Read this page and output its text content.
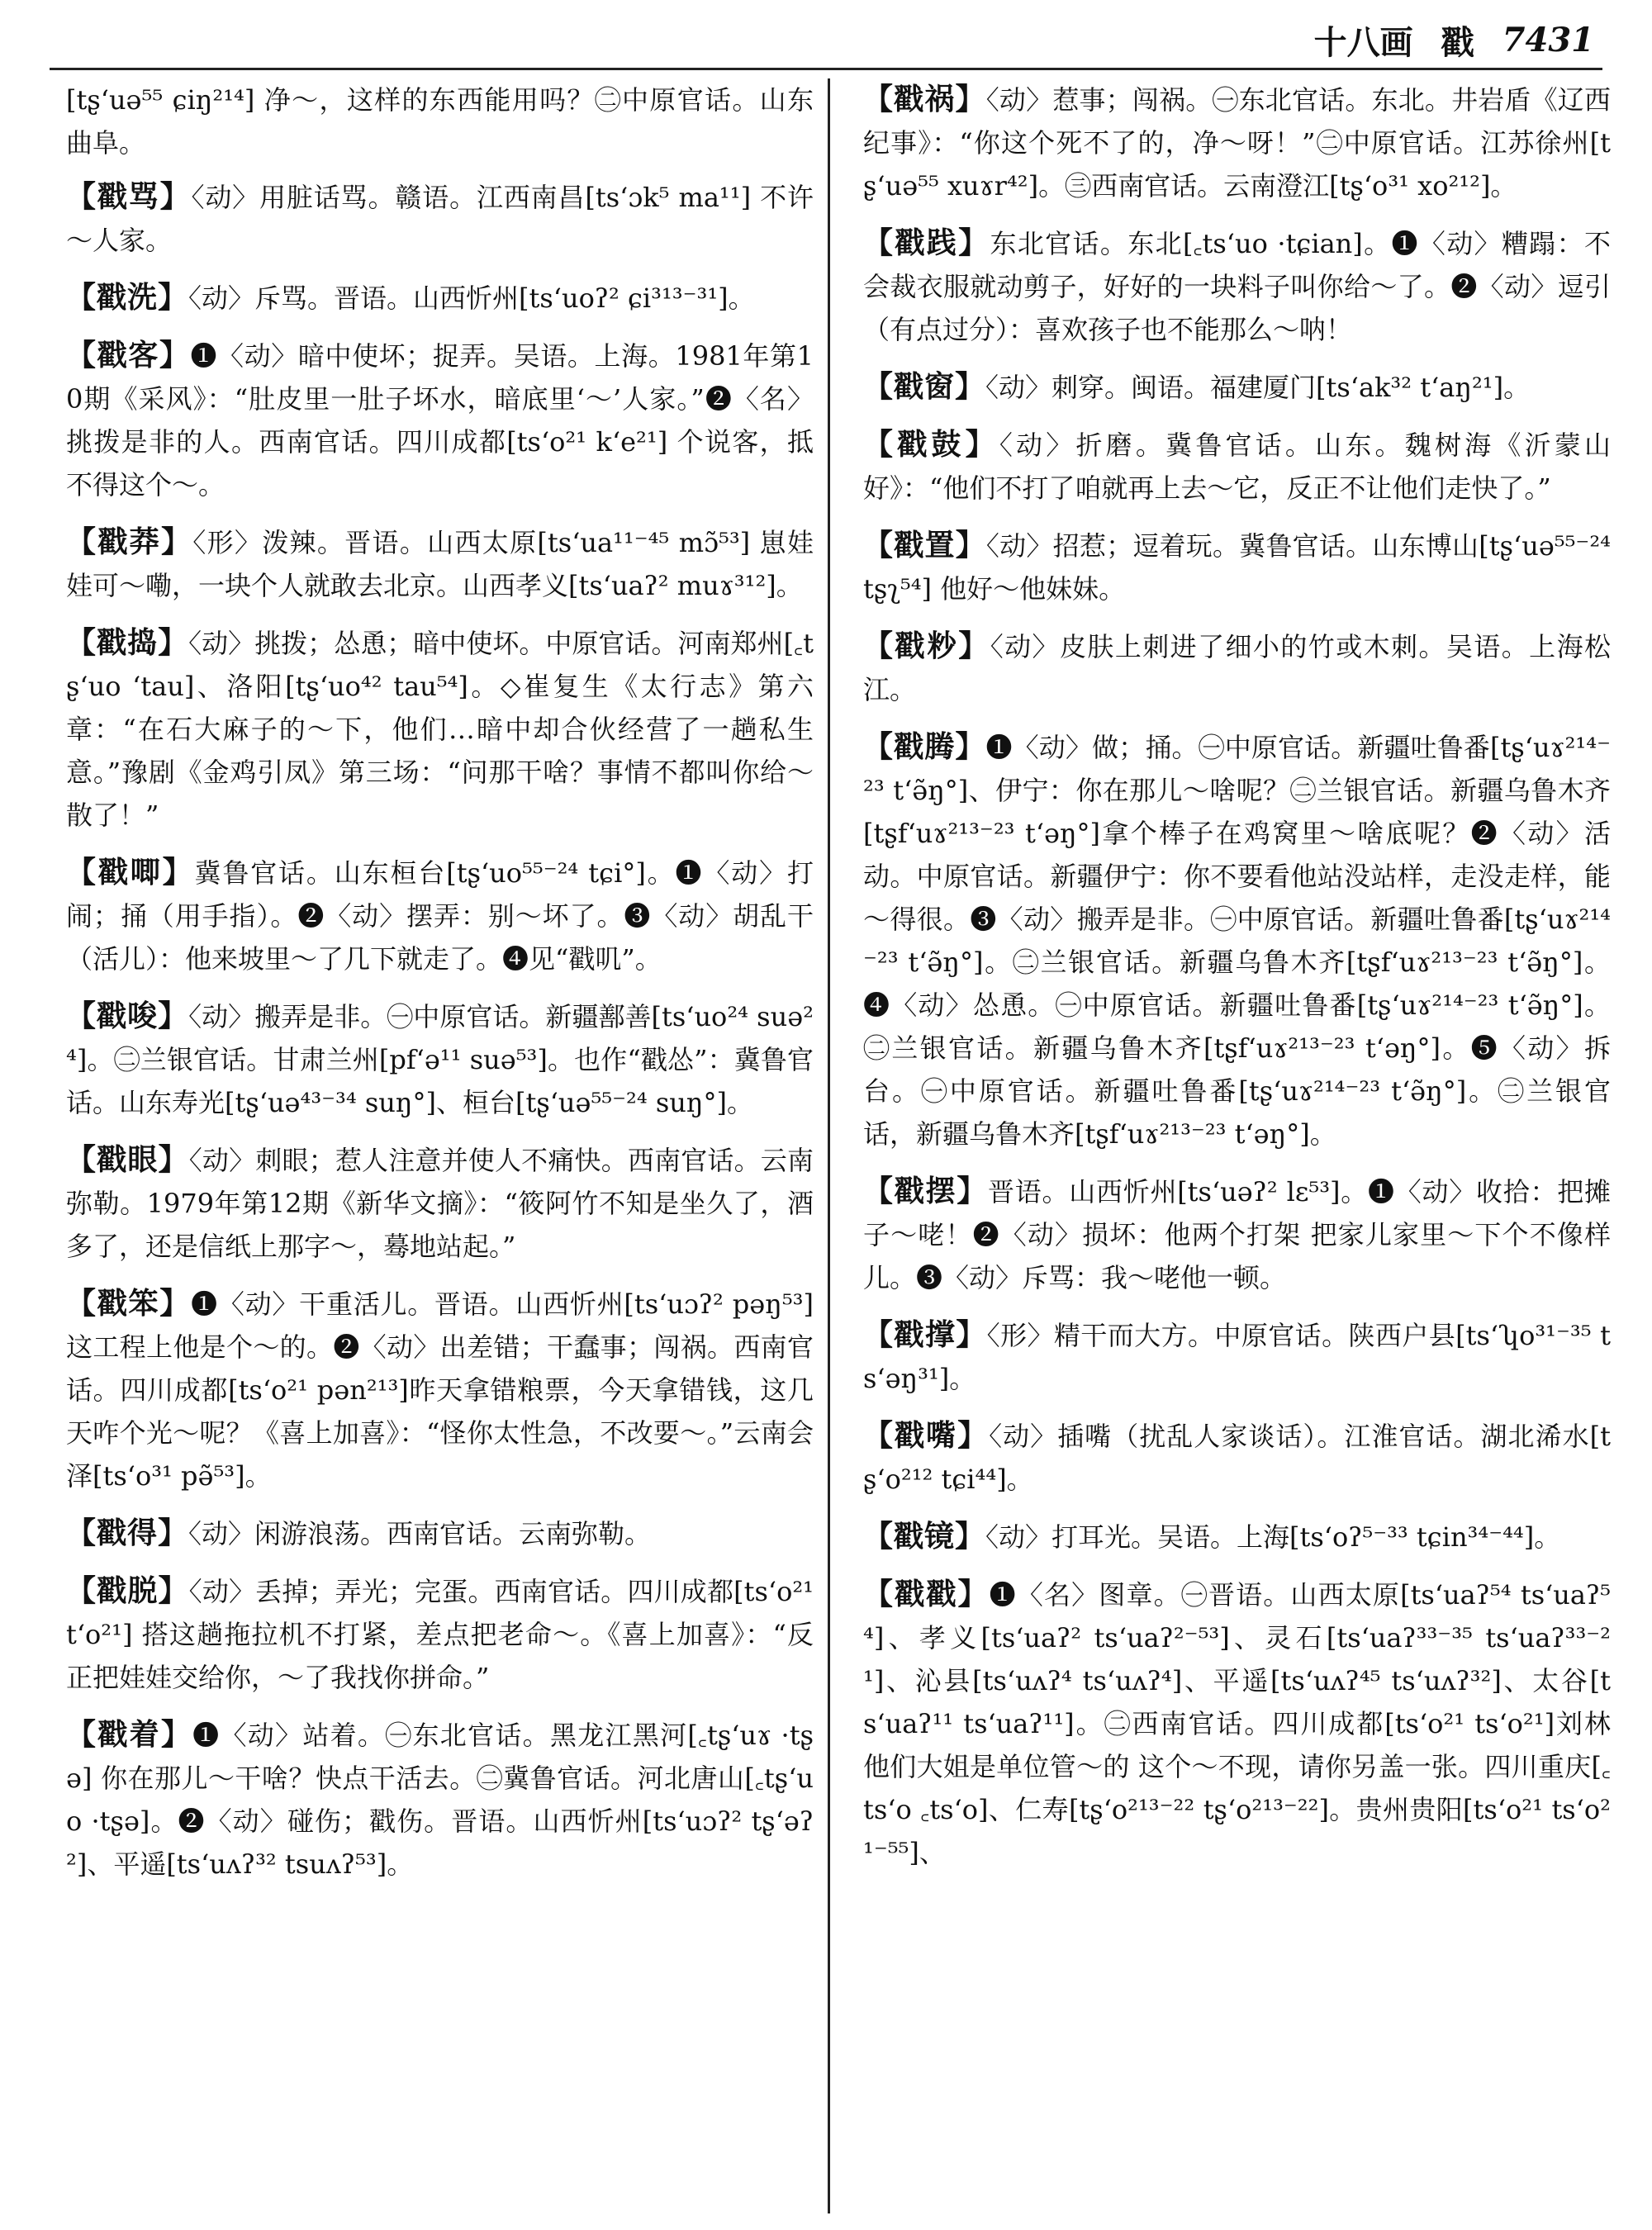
十八画 戳 7431

[tʂ‘uə⁵⁵ ɕiŋ²¹⁴] 净～，这样的东西能用吗？㊁中原官话。山东曲阜。

【戳骂】〈动〉用脏话骂。赣语。江西南昌[ts‘ɔk⁵ ma¹¹] 不许～人家。

【戳洗】〈动〉斥骂。晋语。山西忻州[ts‘uoʔ² ɕi³¹³⁻³¹]。

【戳客】❶〈动〉暗中使坏；捉弄。吴语。上海。1981年第10期《采风》：“肚皮里一肚子坏水，暗底里‘～’人家。”❷〈名〉挑拨是非的人。西南官话。四川成都[ts‘o²¹ k‘e²¹] 个说客，抵不得这个～。

【戳莽】〈形〉泼辣。晋语。山西太原[ts‘ua¹¹⁻⁴⁵ mɔ̃⁵³] 崽娃娃可～嘞，一块个人就敢去北京。山西孝义[ts‘uaʔ² muɤ³¹²]。

【戳捣】〈动〉挑拨；怂恿；暗中使坏。中原官话。河南郑州[꜀tʂ‘uo ‘tau]、洛阳[tʂ‘uo⁴² tau⁵⁴]。◇崔复生《太行志》第六章：“在石大麻子的～下，他们…暗中却合伙经营了一趟私生意。”豫剧《金鸡引凤》第三场：“问那干啥？事情不都叫你给～散了！”

【戳唧】冀鲁官话。山东桓台[tʂ‘uo⁵⁵⁻²⁴ tɕi°]。❶〈动〉打闹；捅（用手指）。❷〈动〉摆弄：别～坏了。❸〈动〉胡乱干（活儿）：他来坡里～了几下就走了。❹见“戳叽”。

【戳唆】〈动〉搬弄是非。㊀中原官话。新疆鄯善[ts‘uo²⁴ suə²⁴]。㊁兰银官话。甘肃兰州[pf‘ə¹¹ suə⁵³]。也作“戳怂”：冀鲁官话。山东寿光[tʂ‘uə⁴³⁻³⁴ suŋ°]、桓台[tʂ‘uə⁵⁵⁻²⁴ suŋ°]。

【戳眼】〈动〉刺眼；惹人注意并使人不痛快。西南官话。云南弥勒。1979年第12期《新华文摘》：“筱阿竹不知是坐久了，酒多了，还是信纸上那字～，蓦地站起。”

【戳笨】❶〈动〉干重活儿。晋语。山西忻州[ts‘uɔʔ² pəŋ⁵³]这工程上他是个～的。❷〈动〉出差错；干蠢事；闯祸。西南官话。四川成都[ts‘o²¹ pən²¹³]昨天拿错粮票，今天拿错钱，这几天咋个光～呢？《喜上加喜》：“怪你太性急，不改要～。”云南会泽[ts‘o³¹ pə̃⁵³]。

【戳得】〈动〉闲游浪荡。西南官话。云南弥勒。

【戳脱】〈动〉丢掉；弄光；完蛋。西南官话。四川成都[ts‘o²¹ t‘o²¹] 搭这趟拖拉机不打紧，差点把老命～。《喜上加喜》：“反正把娃娃交给你，～了我找你拼命。”

【戳着】❶〈动〉站着。㊀东北官话。黑龙江黑河[꜀tʂ‘uɤ ·tʂə] 你在那儿～干啥？快点干活去。㊁冀鲁官话。河北唐山[꜀tʂ‘uo ·tʂə]。❷〈动〉碰伤；戳伤。晋语。山西忻州[ts‘uɔʔ² tʂ‘əʔ²]、平遥[ts‘uʌʔ³² tsuʌʔ⁵³]。

【戳祸】〈动〉惹事；闯祸。㊀东北官话。东北。井岩盾《辽西纪事》：“你这个死不了的，净～呀！”㊁中原官话。江苏徐州[tʂ‘uə⁵⁵ xuɤr⁴²]。㊂西南官话。云南澄江[tʂ‘o³¹ xo²¹²]。

【戳践】东北官话。东北[꜀ts‘uo ·tɕian]。❶〈动〉糟蹋：不会裁衣服就动剪子，好好的一块料子叫你给～了。❷〈动〉逗引（有点过分）：喜欢孩子也不能那么～呐！

【戳窗】〈动〉刺穿。闽语。福建厦门[ts‘ak³² t‘aŋ²¹]。

【戳鼓】〈动〉折磨。冀鲁官话。山东。魏树海《沂蒙山好》：“他们不打了咱就再上去～它，反正不让他们走快了。”

【戳置】〈动〉招惹；逗着玩。冀鲁官话。山东博山[tʂ‘uə⁵⁵⁻²⁴ tʂʅ⁵⁴] 他好～他妹妹。

【戳粆】〈动〉皮肤上刺进了细小的竹或木刺。吴语。上海松江。

【戳腾】❶〈动〉做；捅。㊀中原官话。新疆吐鲁番[tʂ‘uɤ²¹⁴⁻²³ t‘ə̃ŋ°]、伊宁：你在那儿～啥呢？㊁兰银官话。新疆乌鲁木齐[tʂf‘uɤ²¹³⁻²³ t‘əŋ°]拿个棒子在鸡窝里～啥底呢？❷〈动〉活动。中原官话。新疆伊宁：你不要看他站没站样，走没走样，能～得很。❸〈动〉搬弄是非。㊀中原官话。新疆吐鲁番[tʂ‘uɤ²¹⁴⁻²³ t‘ə̃ŋ°]。㊁兰银官话。新疆乌鲁木齐[tʂf‘uɤ²¹³⁻²³ t‘ə̃ŋ°]。❹〈动〉怂恿。㊀中原官话。新疆吐鲁番[tʂ‘uɤ²¹⁴⁻²³ t‘ə̃ŋ°]。㊁兰银官话。新疆乌鲁木齐[tʂf‘uɤ²¹³⁻²³ t‘əŋ°]。❺〈动〉拆台。㊀中原官话。新疆吐鲁番[tʂ‘uɤ²¹⁴⁻²³ t‘ə̃ŋ°]。㊁兰银官话，新疆乌鲁木齐[tʂf‘uɤ²¹³⁻²³ t‘əŋ°]。

【戳摆】晋语。山西忻州[ts‘uəʔ² lɛ⁵³]。❶〈动〉收拾：把摊子～咾！❷〈动〉损坏：他两个打架 把家儿家里～下个不像样儿。❸〈动〉斥骂：我～咾他一顿。

【戳撑】〈形〉精干而大方。中原官话。陕西户县[ts‘ʮo³¹⁻³⁵ ts‘əŋ³¹]。

【戳嘴】〈动〉插嘴（扰乱人家谈话）。江淮官话。湖北浠水[tʂ‘o²¹² tɕi⁴⁴]。

【戳镜】〈动〉打耳光。吴语。上海[ts‘oʔ⁵⁻³³ tɕin³⁴⁻⁴⁴]。

【戳戳】❶〈名〉图章。㊀晋语。山西太原[ts‘uaʔ⁵⁴ ts‘uaʔ⁵⁴]、孝义[ts‘uaʔ² ts‘uaʔ²⁻⁵³]、灵石[ts‘uaʔ³³⁻³⁵ ts‘uaʔ³³⁻²¹]、沁县[ts‘uʌʔ⁴ ts‘uʌʔ⁴]、平遥[ts‘uʌʔ⁴⁵ ts‘uʌʔ³²]、太谷[ts‘uaʔ¹¹ ts‘uaʔ¹¹]。㊁西南官话。四川成都[ts‘o²¹ ts‘o²¹]刘林他们大姐是单位管～的 这个～不现，请你另盖一张。四川重庆[꜀ts‘o ꜀ts‘o]、仁寿[tʂ‘o²¹³⁻²² tʂ‘o²¹³⁻²²]。贵州贵阳[ts‘o²¹ ts‘o²¹⁻⁵⁵]、
